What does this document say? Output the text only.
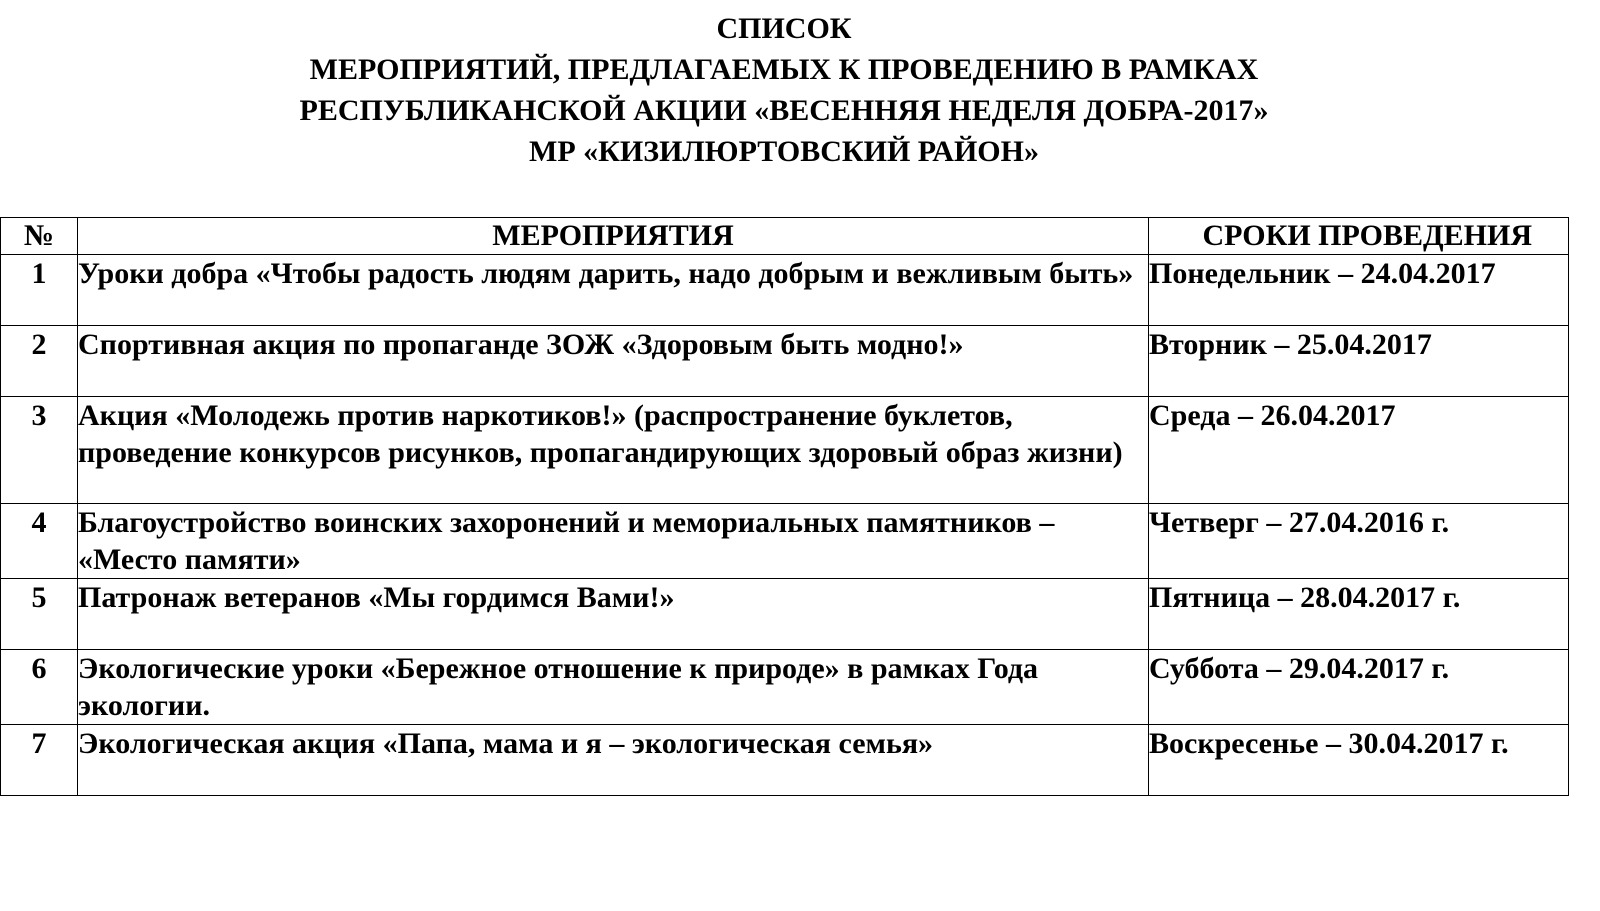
СПИСОК
МЕРОПРИЯТИЙ, ПРЕДЛАГАЕМЫХ К ПРОВЕДЕНИЮ В РАМКАХ
РЕСПУБЛИКАНСКОЙ АКЦИИ «ВЕСЕННЯЯ НЕДЕЛЯ ДОБРА-2017»
МР «КИЗИЛЮРТОВСКИЙ РАЙОН»
№	МЕРОПРИЯТИЯ	СРОКИ ПРОВЕДЕНИЯ
1	Уроки добра «Чтобы радость людям дарить, надо добрым и вежливым быть»	Понедельник – 24.04.2017
2	Спортивная акция по пропаганде ЗОЖ «Здоровым быть модно!»	Вторник – 25.04.2017
3	Акция «Молодежь против наркотиков!» (распространение буклетов, проведение конкурсов рисунков, пропагандирующих здоровый образ жизни)	Среда – 26.04.2017
4	Благоустройство воинских захоронений и мемориальных памятников – «Место памяти»	Четверг – 27.04.2016 г.
5	Патронаж ветеранов «Мы гордимся Вами!»	Пятница – 28.04.2017 г.
6	Экологические уроки «Бережное отношение к природе» в рамках Года экологии.	Суббота – 29.04.2017 г.
7	Экологическая акция «Папа, мама и я – экологическая семья»	Воскресенье – 30.04.2017 г.
